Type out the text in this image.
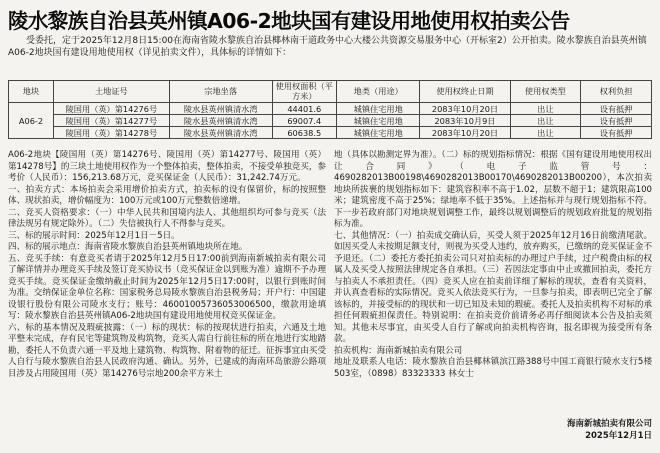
陵水黎族自治县英州镇A06-2地块国有建设用地使用权拍卖公告
受委托，定于2025年12月8日15:00在海南省陵水黎族自治县椰林南干道政务中心大楼公共资源交易服务中心（开标室2）公开拍卖。陵水黎族自治县英州镇A06-2地块国有建设用地使用权（详见拍卖文件），具体标的详情如下：
地块	土地证号	宗地坐落	使用权面积（平方米）	地类（用途）	使用权终止日期	使用权类型	权利负担
A06-2	陵国用（英）第14276号	陵水县英州镇清水湾	44401.6	城镇住宅用地	2083年10月20日	出让	设有抵押
	陵国用（英）第14277号	陵水县英州镇清水湾	69007.4	城镇住宅用地	2083年10月9日	出让	设有抵押
	陵国用（英）第14278号	陵水县英州镇清水湾	60638.5	城镇住宅用地	2083年10月20日	出让	设有抵押

A06-2地块【陵国用（英）第14276号、陵国用（英）第14277号、陵国用（英）第14278号】的三块土地使用权作为一个整体拍卖，整体拍卖，不接受单独竞买，参考价（人民币）：156,213.68万元，竞买保证金（人民币）：31,242.74万元。

一、拍卖方式：本场拍卖会采用增价拍卖方式，拍卖标的设有保留价，标的按照整体、现状拍卖，增价幅度为：100万元或100万元整数倍递增。

二、竞买人资格要求：（一）中华人民共和国境内法人、其他组织均可参与竞买（法律法规另有规定除外）。（二）失信被执行人不得参与竞买。

三、标的展示时间：2025年12月1日－5日。

四、标的展示地点：海南省陵水黎族自治县英州镇地块所在地。

五、竞买手续：有意竞买者请于2025年12月5日17:00前到海南新城拍卖有限公司了解详情并办理竞买手续及签订竞买协议书（竞买保证金以到账为准）逾期不予办理竞买手续。竞买保证金缴纳截止时间为2025年12月5日17:00时，以银行到账时间为准。交纳保证金单位名称：国家税务总局陵水黎族自治县税务局；开户行：中国建设银行股份有限公司陵水支行；账号：46001005736053006500，缴款用途填写：陵水黎族自治县英州镇A06-2地块国有建设用地使用权竞买保证金。

六、标的基本情况及瑕疵披露：（一）标的现状：标的按现状进行拍卖，六通及土地平整未完成，存有民宅等建筑物及构筑物，竞买人需自行前往标的所在地进行实地踏勘，委托人不负责六通一平及地上建筑物、构筑物、附着物的征迁。征拆事宜由买受人自行与陵水黎族自治县人民政府沟通、确认。另外，已建成的海南环岛旅游公路项目涉及占用陵国用（英）第14276号宗地200余平方米土

地（具体以勘测定界为准）。（二）标的规划指标情况：根据《国有建设用地使用权出让合同》（电子监管号：4690282013B00198\4690282013B00170\4690282013B00200），本次拍卖地块所拔裹的规划指标如下：建筑容积率不高于1.02，层数不超于1；建筑限高100米；建筑密度不高于25%；绿地率不低于35%。上述指标并与现行规划指标不符。下一步若政府部门对地块规划调整工作，最终以规划调整后的规划政府批复的规划指标为准。

七、其他情况：（一）拍卖成交确认后，买受人须于2025年12月16日前缴清尾款。如因买受人未按期足额支付，则视为买受人违约，放弃购买，已缴纳的竞买保证金不予退还。（二）委托方委托拍卖公司只对拍卖标的办理过户手续，过户税费由标的权属人及买受人按照法律规定各自承担。（三）若因法定事由中止或撤回拍卖，委托方与拍卖人不承担责任。（四）竞买人应在拍卖前详细了解标的现状，查看有关资料，并认真查看标的实际情况。竞买人依法竞买行为，一旦参与拍卖，即表明已完全了解该标的，并接受标的的现状和一切已知及未知的瑕疵。委托人及拍卖机构不对标的承担任何瑕疵担保责任。特别说明：在拍卖竞价前请务必再仔细阅读本公告及拍卖须知。其他未尽事宜，由买受人自行了解或向拍卖机构咨询，报名即视为接受所有条款。

拍卖机构：海南新城拍卖有限公司

地址及联系人电话：陵水黎族自治县椰林镇滨江路388号中国工商银行陵水支行5楼503室，（0898）83323333 林女士

海南新城拍卖有限公司
2025年12月1日
